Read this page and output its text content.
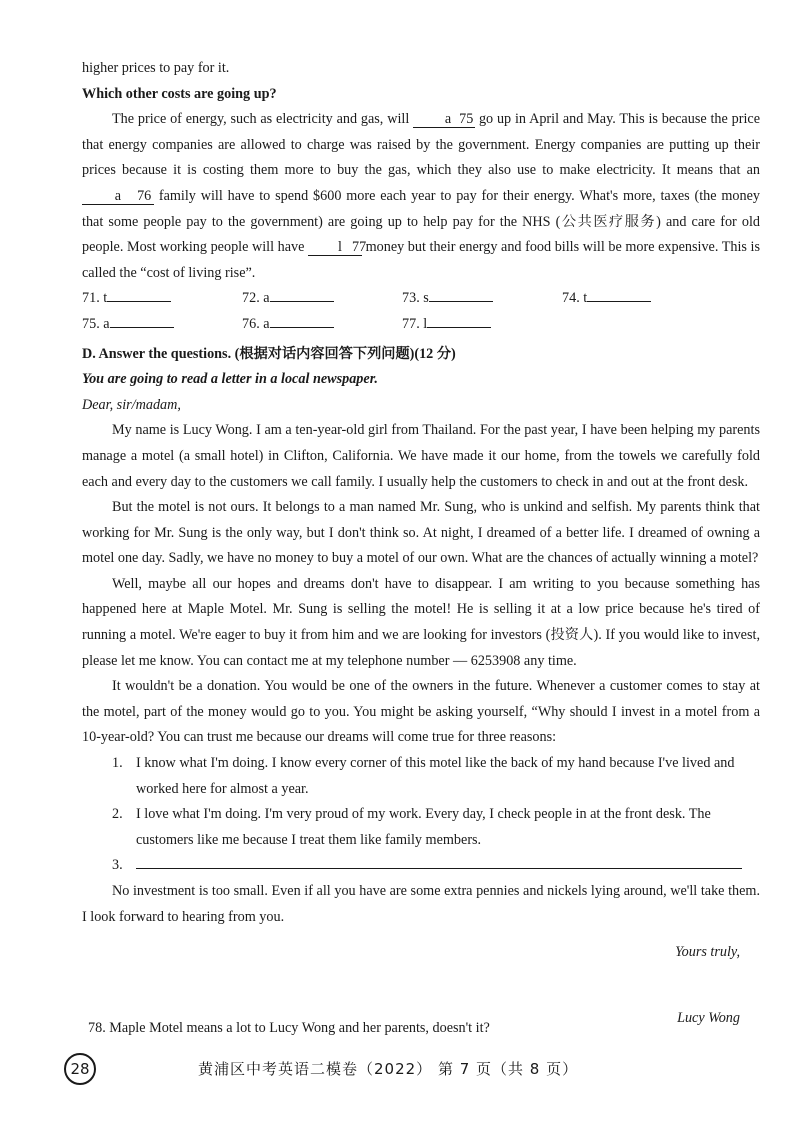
higher prices to pay for it.

Which other costs are going up?

The price of energy, such as electricity and gas, will a 75 go up in April and May. This is because the price that energy companies are allowed to charge was raised by the government. Energy companies are putting up their prices because it is costing them more to buy the gas, which they also use to make electricity. It means that an a 76 family will have to spend $600 more each year to pay for their energy. What's more, taxes (the money that some people pay to the government) are going up to help pay for the NHS (公共医疗服务) and care for old people. Most working people will have l 77 money but their energy and food bills will be more expensive. This is called the “cost of living rise”.

71. t	72. a	73. s	74. t
75. a	76. a	77. l

D. Answer the questions. (根据对话内容回答下列问题)(12 分)

You are going to read a letter in a local newspaper.

Dear, sir/madam,

My name is Lucy Wong. I am a ten-year-old girl from Thailand. For the past year, I have been helping my parents manage a motel (a small hotel) in Clifton, California. We have made it our home, from the towels we carefully fold each and every day to the customers we call family. I usually help the customers to check in and out at the front desk.

But the motel is not ours. It belongs to a man named Mr. Sung, who is unkind and selfish. My parents think that working for Mr. Sung is the only way, but I don't think so. At night, I dreamed of a better life. I dreamed of owning a motel one day. Sadly, we have no money to buy a motel of our own. What are the chances of actually winning a motel?

Well, maybe all our hopes and dreams don't have to disappear. I am writing to you because something has happened here at Maple Motel. Mr. Sung is selling the motel! He is selling it at a low price because he's tired of running a motel. We're eager to buy it from him and we are looking for investors (投资人). If you would like to invest, please let me know. You can contact me at my telephone number — 6253908 any time.

It wouldn't be a donation. You would be one of the owners in the future. Whenever a customer comes to stay at the motel, part of the money would go to you. You might be asking yourself, “Why should I invest in a motel from a 10-year-old? You can trust me because our dreams will come true for three reasons:

1. I know what I'm doing. I know every corner of this motel like the back of my hand because I've lived and worked here for almost a year.
2. I love what I'm doing. I'm very proud of my work. Every day, I check people in at the front desk. The customers like me because I treat them like family members.
3.

No investment is too small. Even if all you have are some extra pennies and nickels lying around, we'll take them. I look forward to hearing from you.

Yours truly,
78. Maple Motel means a lot to Lucy Wong and her parents, doesn't it?
Lucy Wong
28	黄浦区中考英语二模卷（2022） 第 7 页（共 8 页）
